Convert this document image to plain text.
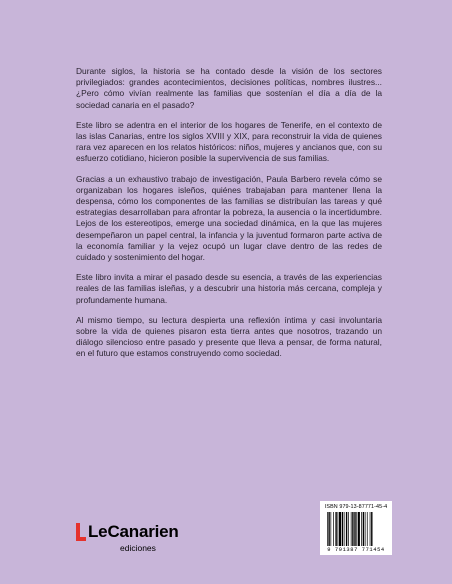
Durante siglos, la historia se ha contado desde la visión de los sectores privilegiados: grandes acontecimientos, decisiones políticas, nombres ilustres... ¿Pero cómo vivían realmente las familias que sostenían el día a día de la sociedad canaria en el pasado?

Este libro se adentra en el interior de los hogares de Tenerife, en el contexto de las islas Canarias, entre los siglos XVIII y XIX, para reconstruir la vida de quienes rara vez aparecen en los relatos históricos: niños, mujeres y ancianos que, con su esfuerzo cotidiano, hicieron posible la supervivencia de sus familias.

Gracias a un exhaustivo trabajo de investigación, Paula Barbero revela cómo se organizaban los hogares isleños, quiénes trabajaban para mantener llena la despensa, cómo los componentes de las familias se distribuían las tareas y qué estrategias desarrollaban para afrontar la pobreza, la ausencia o la incertidumbre. Lejos de los estereotipos, emerge una sociedad dinámica, en la que las mujeres desempeñaron un papel central, la infancia y la juventud formaron parte activa de la economía familiar y la vejez ocupó un lugar clave dentro de las redes de cuidado y sostenimiento del hogar.

Este libro invita a mirar el pasado desde su esencia, a través de las experiencias reales de las familias isleñas, y a descubrir una historia más cercana, compleja y profundamente humana.

Al mismo tiempo, su lectura despierta una reflexión íntima y casi involuntaria sobre la vida de quienes pisaron esta tierra antes que nosotros, trazando un diálogo silencioso entre pasado y presente que lleva a pensar, de forma natural, en el futuro que estamos construyendo como sociedad.

LeCanarien
ediciones
ISBN 979-13-87771-45-4
9 791387 771454
